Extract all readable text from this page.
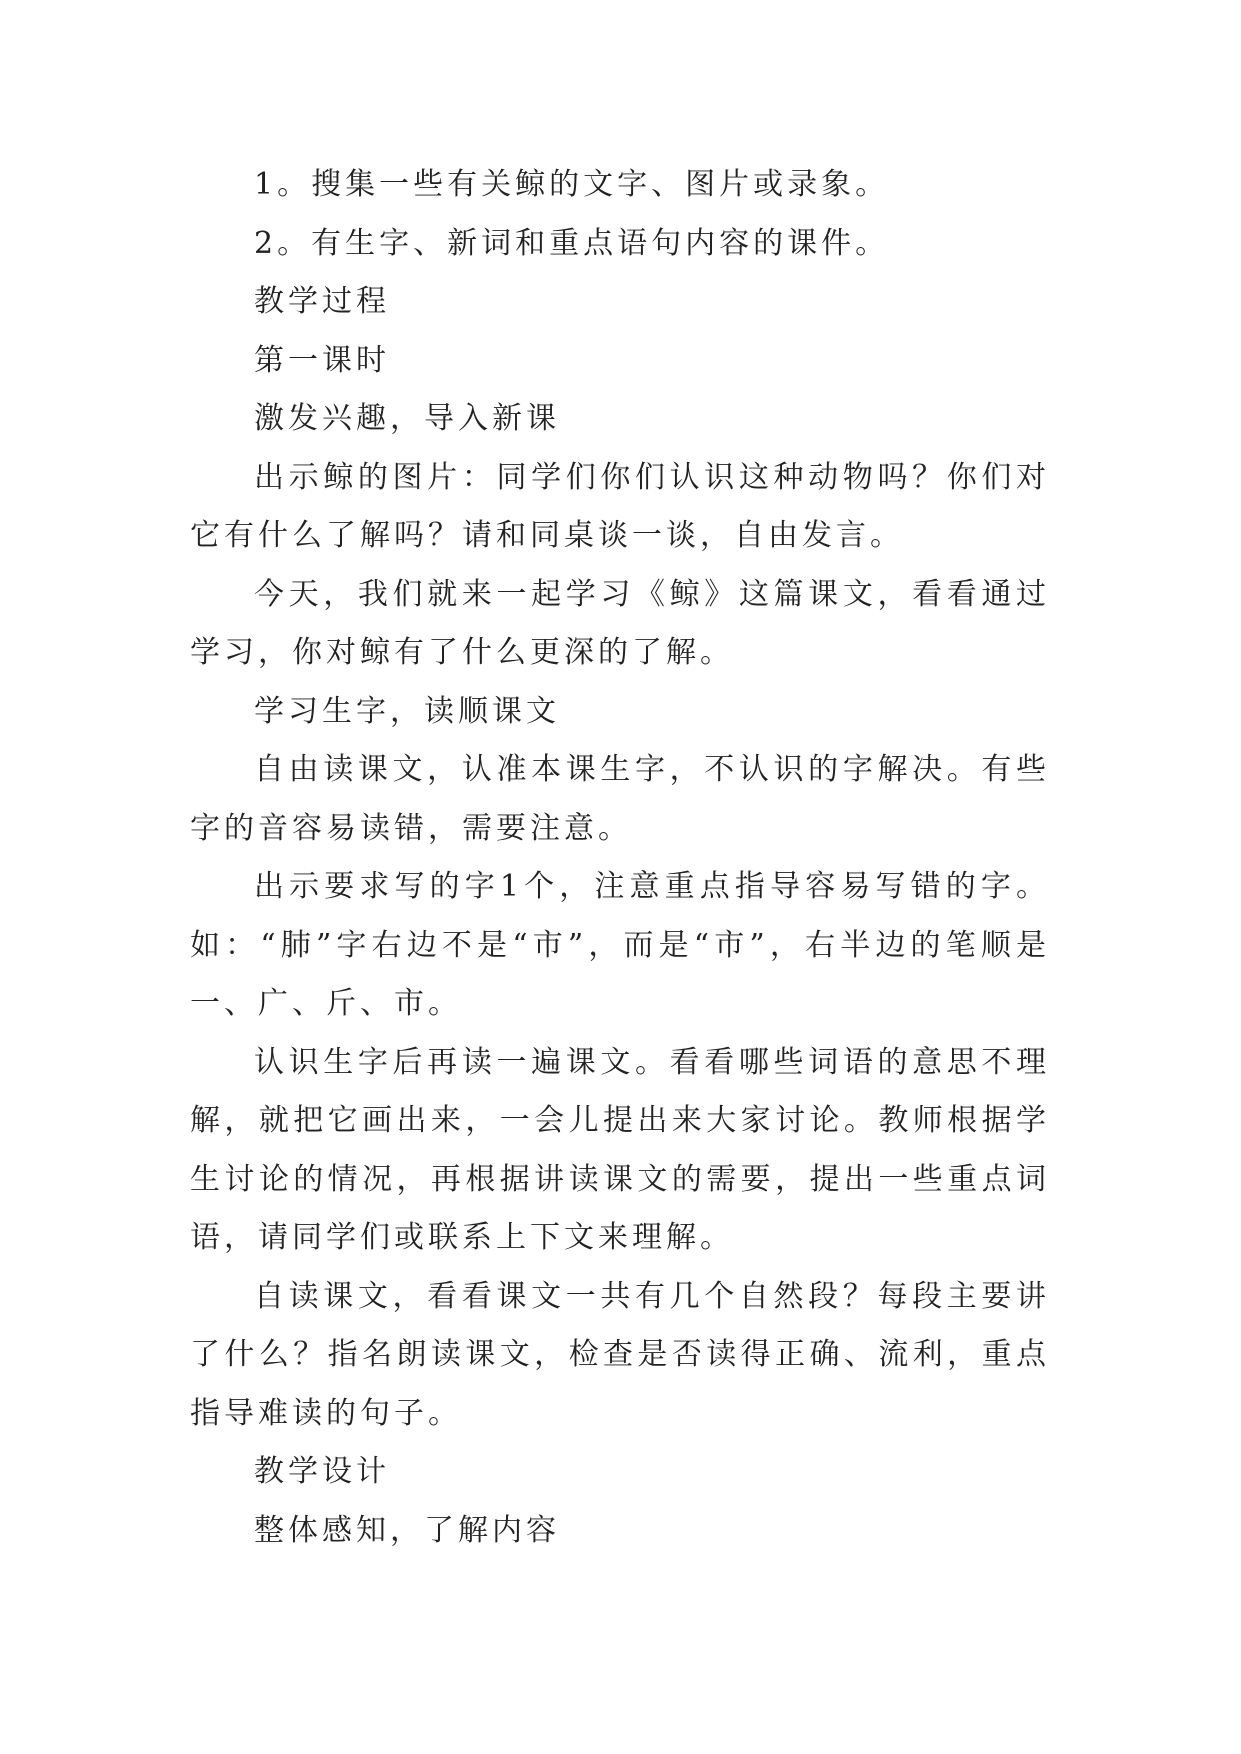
1。搜集一些有关鲸的文字、图片或录象。

2。有生字、新词和重点语句内容的课件。

教学过程

第一课时

激发兴趣，导入新课

出示鲸的图片：同学们你们认识这种动物吗？你们对它有什么了解吗？请和同桌谈一谈，自由发言。

今天，我们就来一起学习《鲸》这篇课文，看看通过学习，你对鲸有了什么更深的了解。

学习生字，读顺课文

自由读课文，认准本课生字，不认识的字解决。有些字的音容易读错，需要注意。

出示要求写的字1个，注意重点指导容易写错的字。如：“肺”字右边不是“市”，而是“市”，右半边的笔顺是一、广、斤、市。

认识生字后再读一遍课文。看看哪些词语的意思不理解，就把它画出来，一会儿提出来大家讨论。教师根据学生讨论的情况，再根据讲读课文的需要，提出一些重点词语，请同学们或联系上下文来理解。

自读课文，看看课文一共有几个自然段？每段主要讲了什么？指名朗读课文，检查是否读得正确、流利，重点指导难读的句子。

教学设计

整体感知，了解内容
